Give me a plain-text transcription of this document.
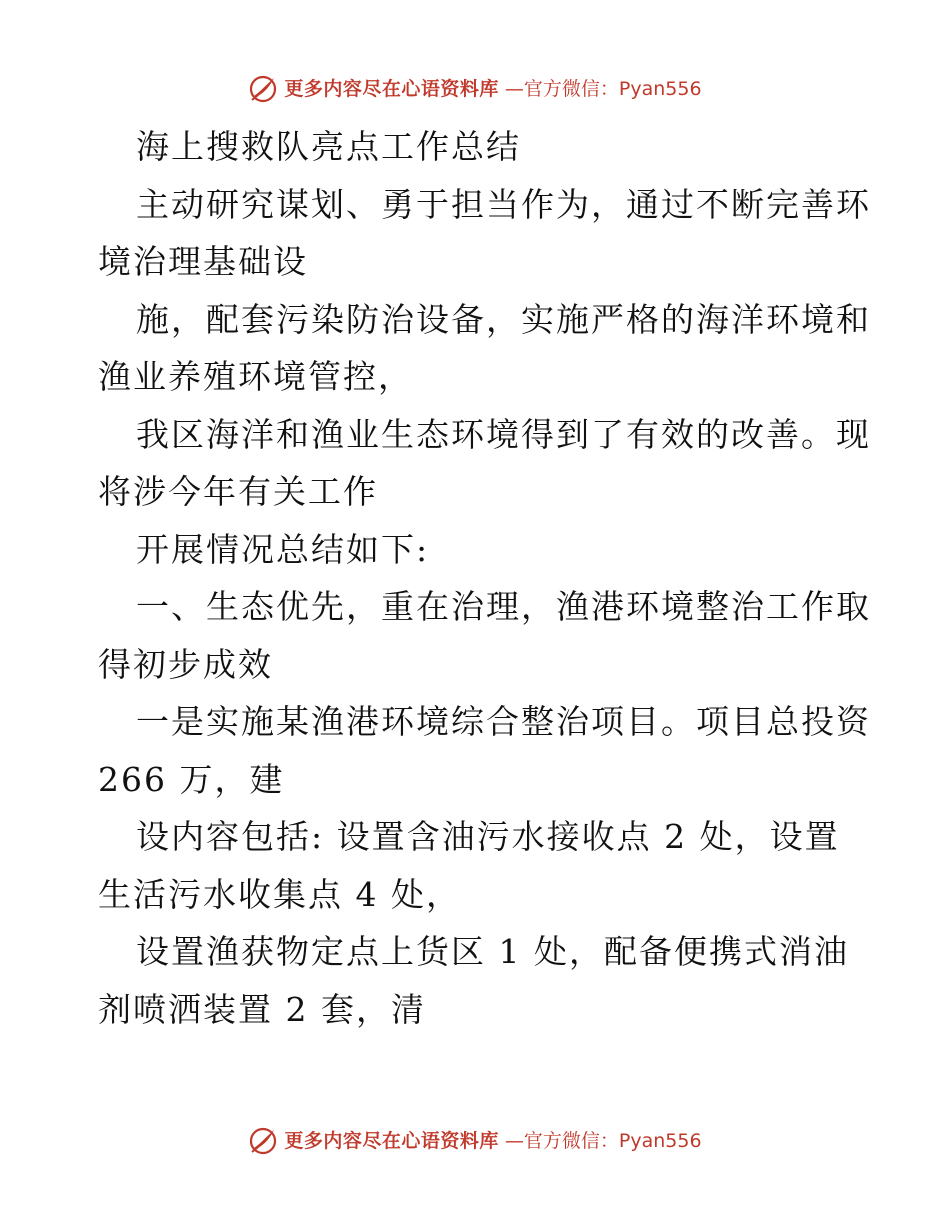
更多内容尽在心语资料库 —官方微信：Pyan556

海上搜救队亮点工作总结

主动研究谋划、勇于担当作为，通过不断完善环
境治理基础设

施，配套污染防治设备，实施严格的海洋环境和
渔业养殖环境管控，

我区海洋和渔业生态环境得到了有效的改善。现
将涉今年有关工作

开展情况总结如下:

一、生态优先，重在治理，渔港环境整治工作取
得初步成效

一是实施某渔港环境综合整治项目。项目总投资
266 万，建

设内容包括: 设置含油污水接收点 2 处，设置
生活污水收集点 4 处，

设置渔获物定点上货区 1 处，配备便携式消油
剂喷洒装置 2 套，清

更多内容尽在心语资料库 —官方微信：Pyan556
